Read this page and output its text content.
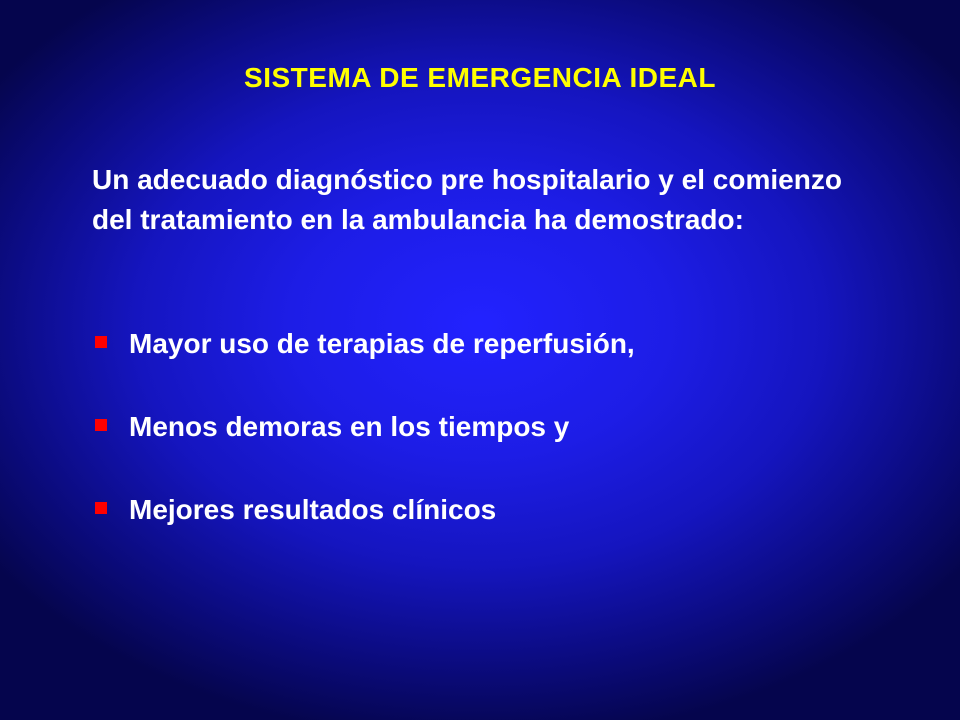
SISTEMA DE EMERGENCIA IDEAL

Un adecuado diagnóstico pre hospitalario y el comienzo del tratamiento en la ambulancia ha demostrado:

Mayor uso de terapias de reperfusión,
Menos demoras en los tiempos y
Mejores resultados clínicos
